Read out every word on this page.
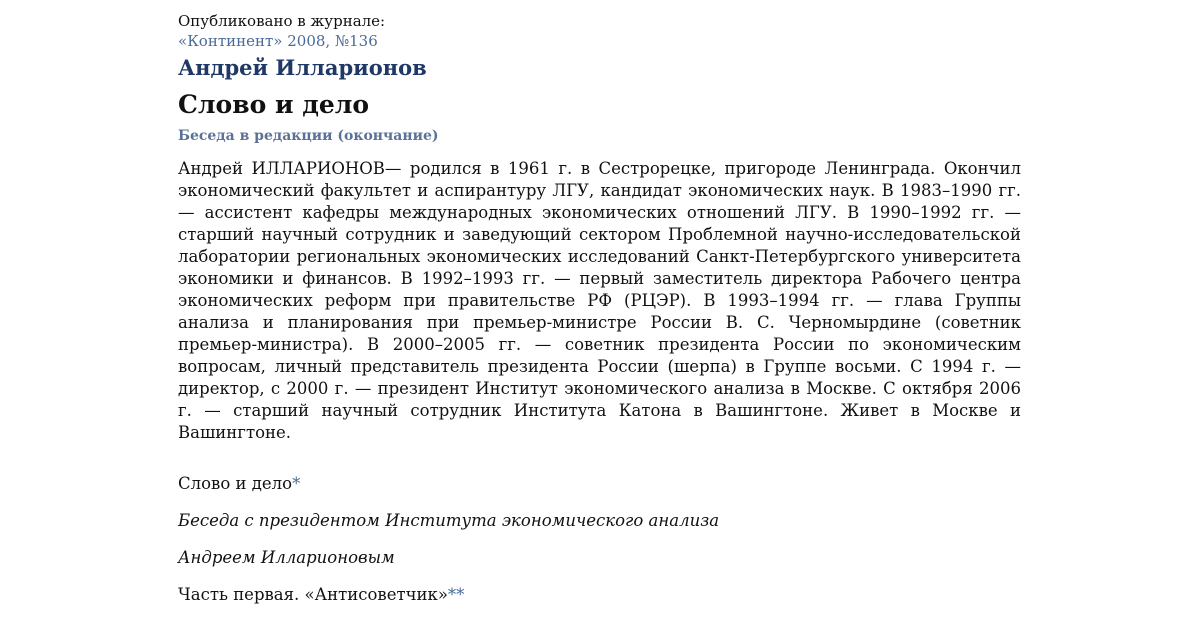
Опубликовано в журнале:

«Континент» 2008, №136

Андрей Илларионов
Слово и дело
Беседа в редакции (окончание)

Андрей ИЛЛАРИОНОВ— родился в 1961 г. в Сестрорецке, пригороде Ленинграда. Окончил экономический факультет и аспирантуру ЛГУ, кандидат экономических наук. В 1983–1990 гг. — ассистент кафедры международных экономических отношений ЛГУ. В 1990–1992 гг. — старший научный сотрудник и заведующий сектором Проблемной научно-исследовательской лаборатории региональных экономических исследований Санкт-Петербургского университета экономики и финансов. В 1992–1993 гг. — первый заместитель директора Рабочего центра экономических реформ при правительстве РФ (РЦЭР). В 1993–1994 гг. — глава Группы анализа и планирования при премьер-министре России В. С. Черномырдине (советник премьер-министра). В 2000–2005 гг. — советник президента России по экономическим вопросам, личный представитель президента России (шерпа) в Группе восьми. С 1994 г. — директор, с 2000 г. — президент Институт экономического анализа в Москве. С октября 2006 г. — старший научный сотрудник Института Катона в Вашингтоне. Живет в Москве и Вашингтоне.

Слово и дело*

Беседа с президентом Института экономического анализа

Андреем Илларионовым

Часть первая. «Антисоветчик»**
